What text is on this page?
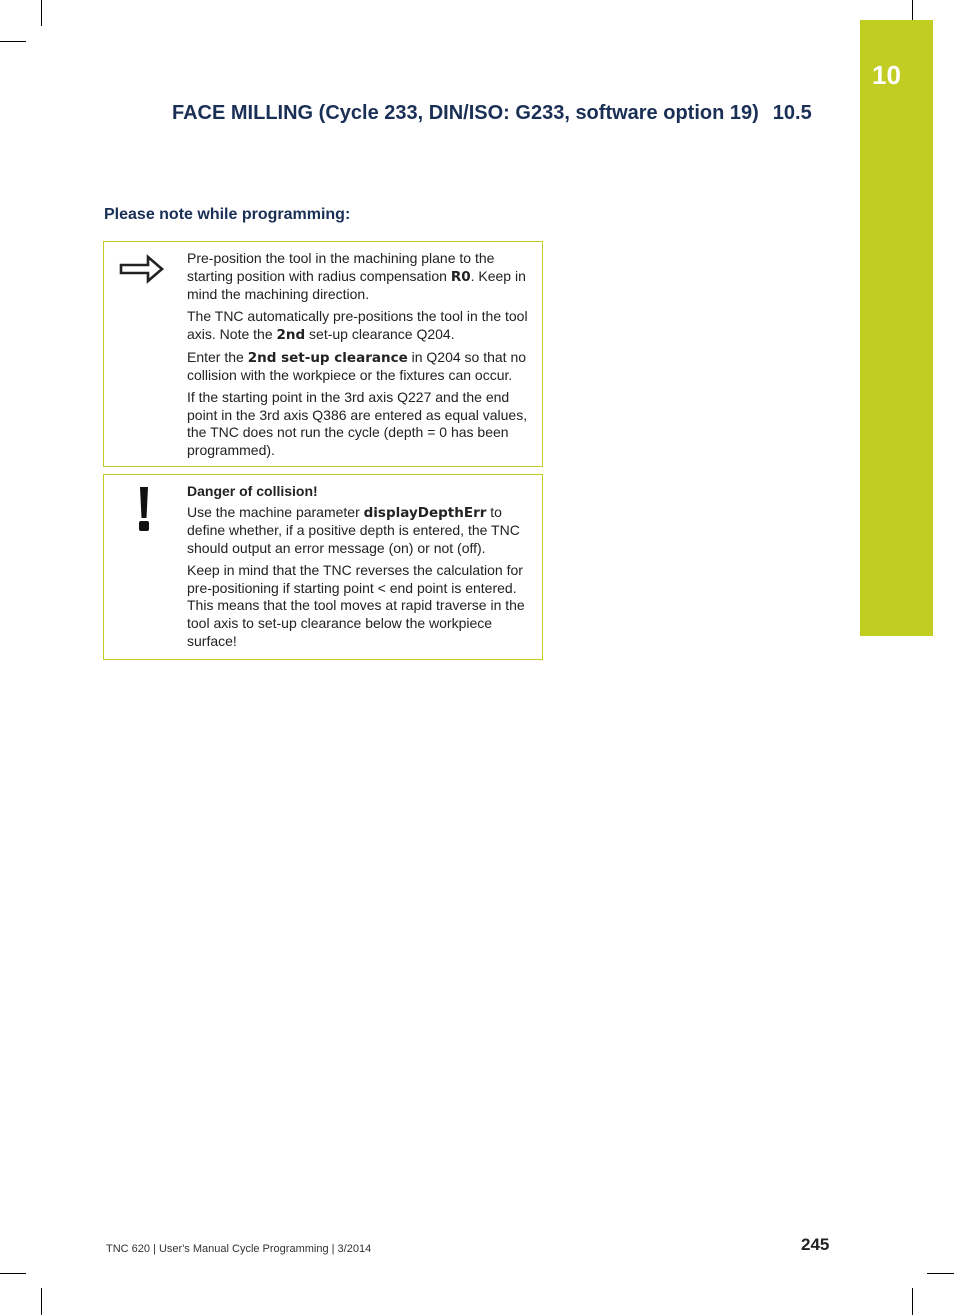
10
FACE MILLING (Cycle 233, DIN/ISO: G233, software option 19) 10.5
Please note while programming:

Pre-position the tool in the machining plane to the starting position with radius compensation R0. Keep in mind the machining direction.

The TNC automatically pre-positions the tool in the tool axis. Note the 2nd set-up clearance Q204.

Enter the 2nd set-up clearance in Q204 so that no collision with the workpiece or the fixtures can occur.

If the starting point in the 3rd axis Q227 and the end point in the 3rd axis Q386 are entered as equal values, the TNC does not run the cycle (depth = 0 has been programmed).

Danger of collision!

Use the machine parameter displayDepthErr to define whether, if a positive depth is entered, the TNC should output an error message (on) or not (off).

Keep in mind that the TNC reverses the calculation for pre-positioning if starting point < end point is entered. This means that the tool moves at rapid traverse in the tool axis to set-up clearance below the workpiece surface!

TNC 620 | User's Manual Cycle Programming | 3/2014	245
